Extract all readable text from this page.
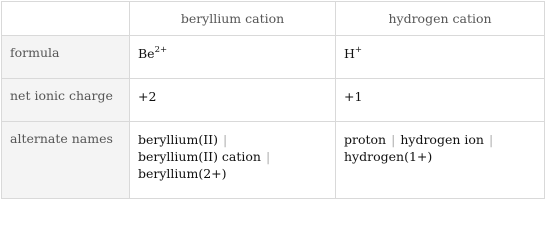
	beryllium cation	hydrogen cation
formula	$Be^{2+}$	H+
net ionic charge	+2	+1
alternate names	beryllium(II) |
beryllium(II) cation |
beryllium(2+)	proton | hydrogen ion |
hydrogen(1+)
